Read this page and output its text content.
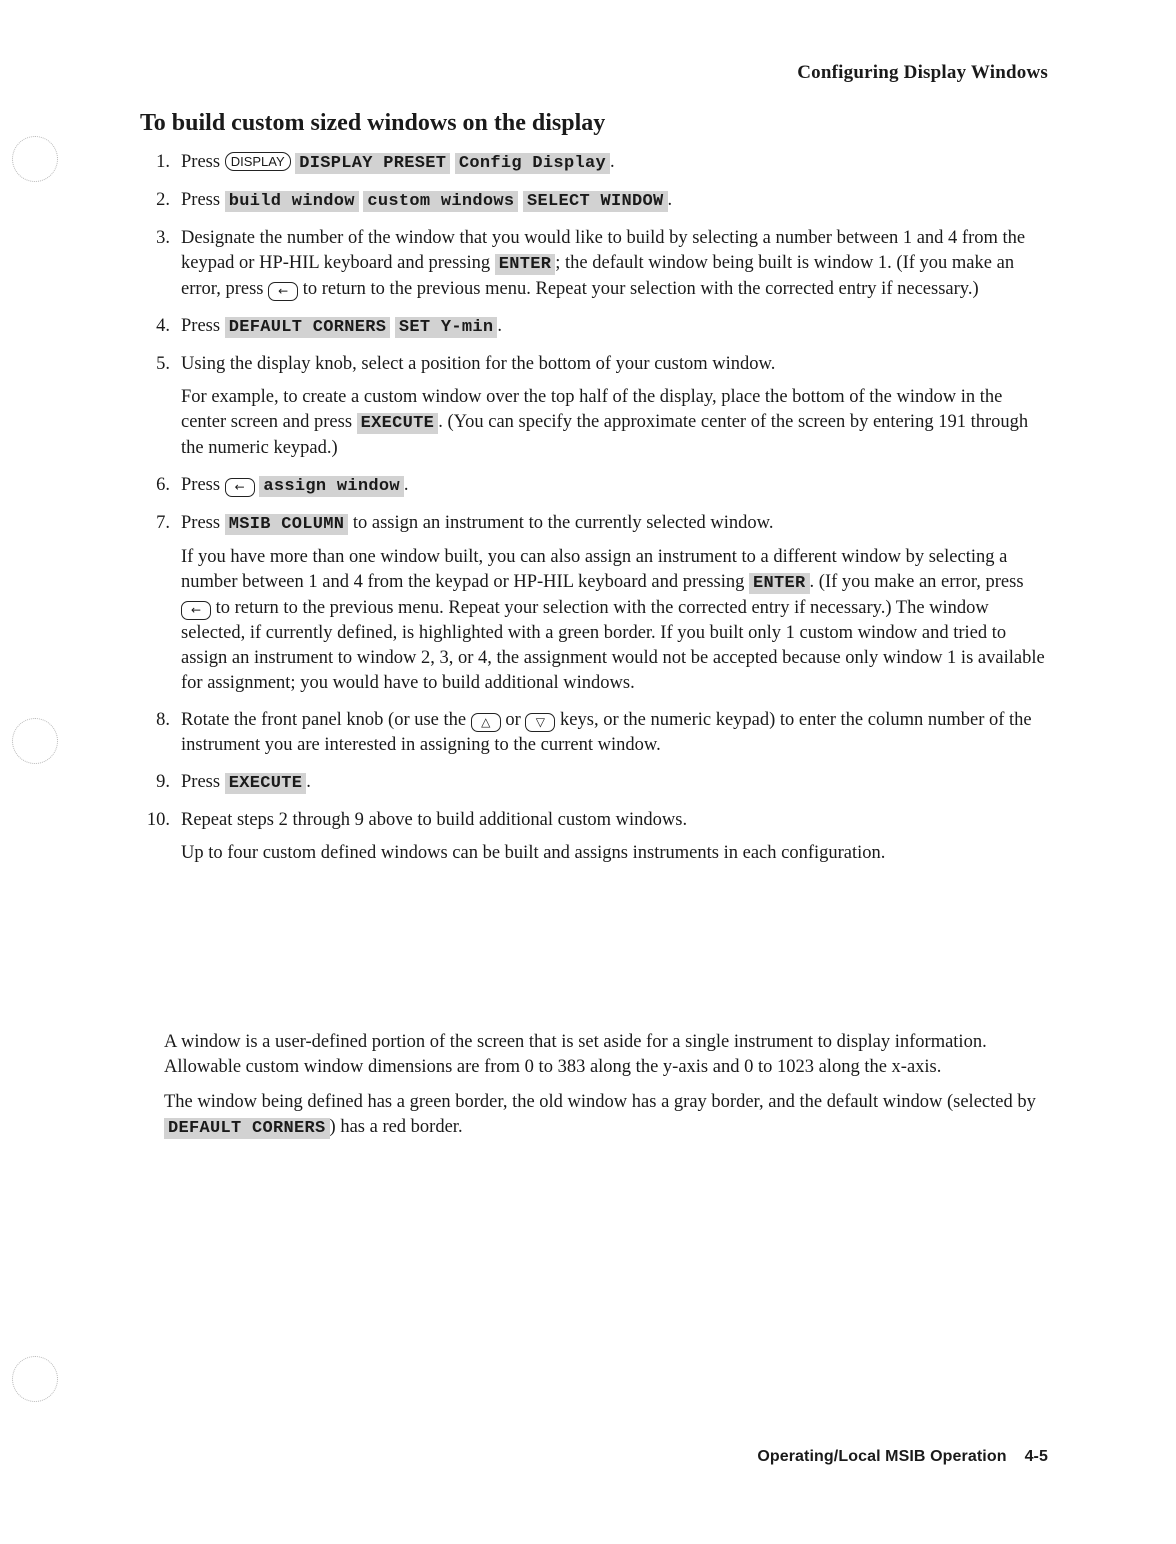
Configuring Display Windows
To build custom sized windows on the display
1. Press DISPLAY DISPLAY PRESET Config Display .

2. Press build window custom windows SELECT WINDOW .

3. Designate the number of the window that you would like to build by selecting a number between 1 and 4 from the keypad or HP-HIL keyboard and pressing ENTER ; the default window being built is window 1. (If you make an error, press ← to return to the previous menu. Repeat your selection with the corrected entry if necessary.)

4. Press DEFAULT CORNERS SET Y-min .

5. Using the display knob, select a position for the bottom of your custom window.

For example, to create a custom window over the top half of the display, place the bottom of the window in the center screen and press EXECUTE . (You can specify the approximate center of the screen by entering 191 through the numeric keypad.)

6. Press ← assign window .

7. Press MSIB COLUMN to assign an instrument to the currently selected window.

If you have more than one window built, you can also assign an instrument to a different window by selecting a number between 1 and 4 from the keypad or HP-HIL keyboard and pressing ENTER . (If you make an error, press ← to return to the previous menu. Repeat your selection with the corrected entry if necessary.) The window selected, if currently defined, is highlighted with a green border. If you built only 1 custom window and tried to assign an instrument to window 2, 3, or 4, the assignment would not be accepted because only window 1 is available for assignment; you would have to build additional windows.

8. Rotate the front panel knob (or use the △ or ▽ keys, or the numeric keypad) to enter the column number of the instrument you are interested in assigning to the current window.

9. Press EXECUTE .

10. Repeat steps 2 through 9 above to build additional custom windows.

Up to four custom defined windows can be built and assigns instruments in each configuration.

A window is a user-defined portion of the screen that is set aside for a single instrument to display information. Allowable custom window dimensions are from 0 to 383 along the y-axis and 0 to 1023 along the x-axis.

The window being defined has a green border, the old window has a gray border, and the default window (selected by DEFAULT CORNERS ) has a red border.

Operating/Local MSIB Operation 4-5
